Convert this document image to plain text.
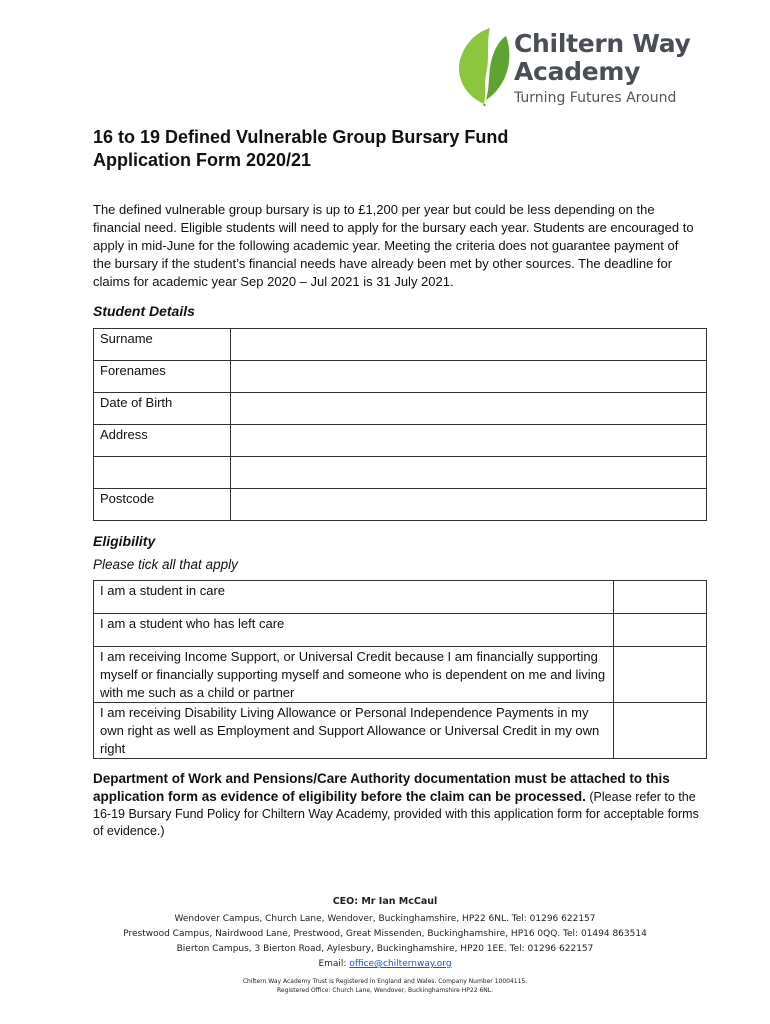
Chiltern Way
Academy
Turning Futures Around
16 to 19 Defined Vulnerable Group Bursary Fund
Application Form 2020/21
The defined vulnerable group bursary is up to £1,200 per year but could be less depending on the financial need. Eligible students will need to apply for the bursary each year. Students are encouraged to apply in mid-June for the following academic year. Meeting the criteria does not guarantee payment of the bursary if the student’s financial needs have already been met by other sources. The deadline for claims for academic year Sep 2020 – Jul 2021 is 31 July 2021.
Student Details
Surname	
Forenames	
Date of Birth	
Address	

Postcode	
Eligibility
Please tick all that apply
I am a student in care	
I am a student who has left care	
I am receiving Income Support, or Universal Credit because I am financially supporting myself or financially supporting myself and someone who is dependent on me and living with me such as a child or partner	
I am receiving Disability Living Allowance or Personal Independence Payments in my own right as well as Employment and Support Allowance or Universal Credit in my own right	
Department of Work and Pensions/Care Authority documentation must be attached to this application form as evidence of eligibility before the claim can be processed. (Please refer to the 16-19 Bursary Fund Policy for Chiltern Way Academy, provided with this application form for acceptable forms of evidence.)
CEO: Mr Ian McCaul
Wendover Campus, Church Lane, Wendover, Buckinghamshire, HP22 6NL. Tel: 01296 622157
Prestwood Campus, Nairdwood Lane, Prestwood, Great Missenden, Buckinghamshire, HP16 0QQ. Tel: 01494 863514
Bierton Campus, 3 Bierton Road, Aylesbury, Buckinghamshire, HP20 1EE. Tel: 01296 622157
Email: office@chilternway.org
Chiltern Way Academy Trust is Registered in England and Wales. Company Number 10004115.
Registered Office: Church Lane, Wendover, Buckinghamshire HP22 6NL.
